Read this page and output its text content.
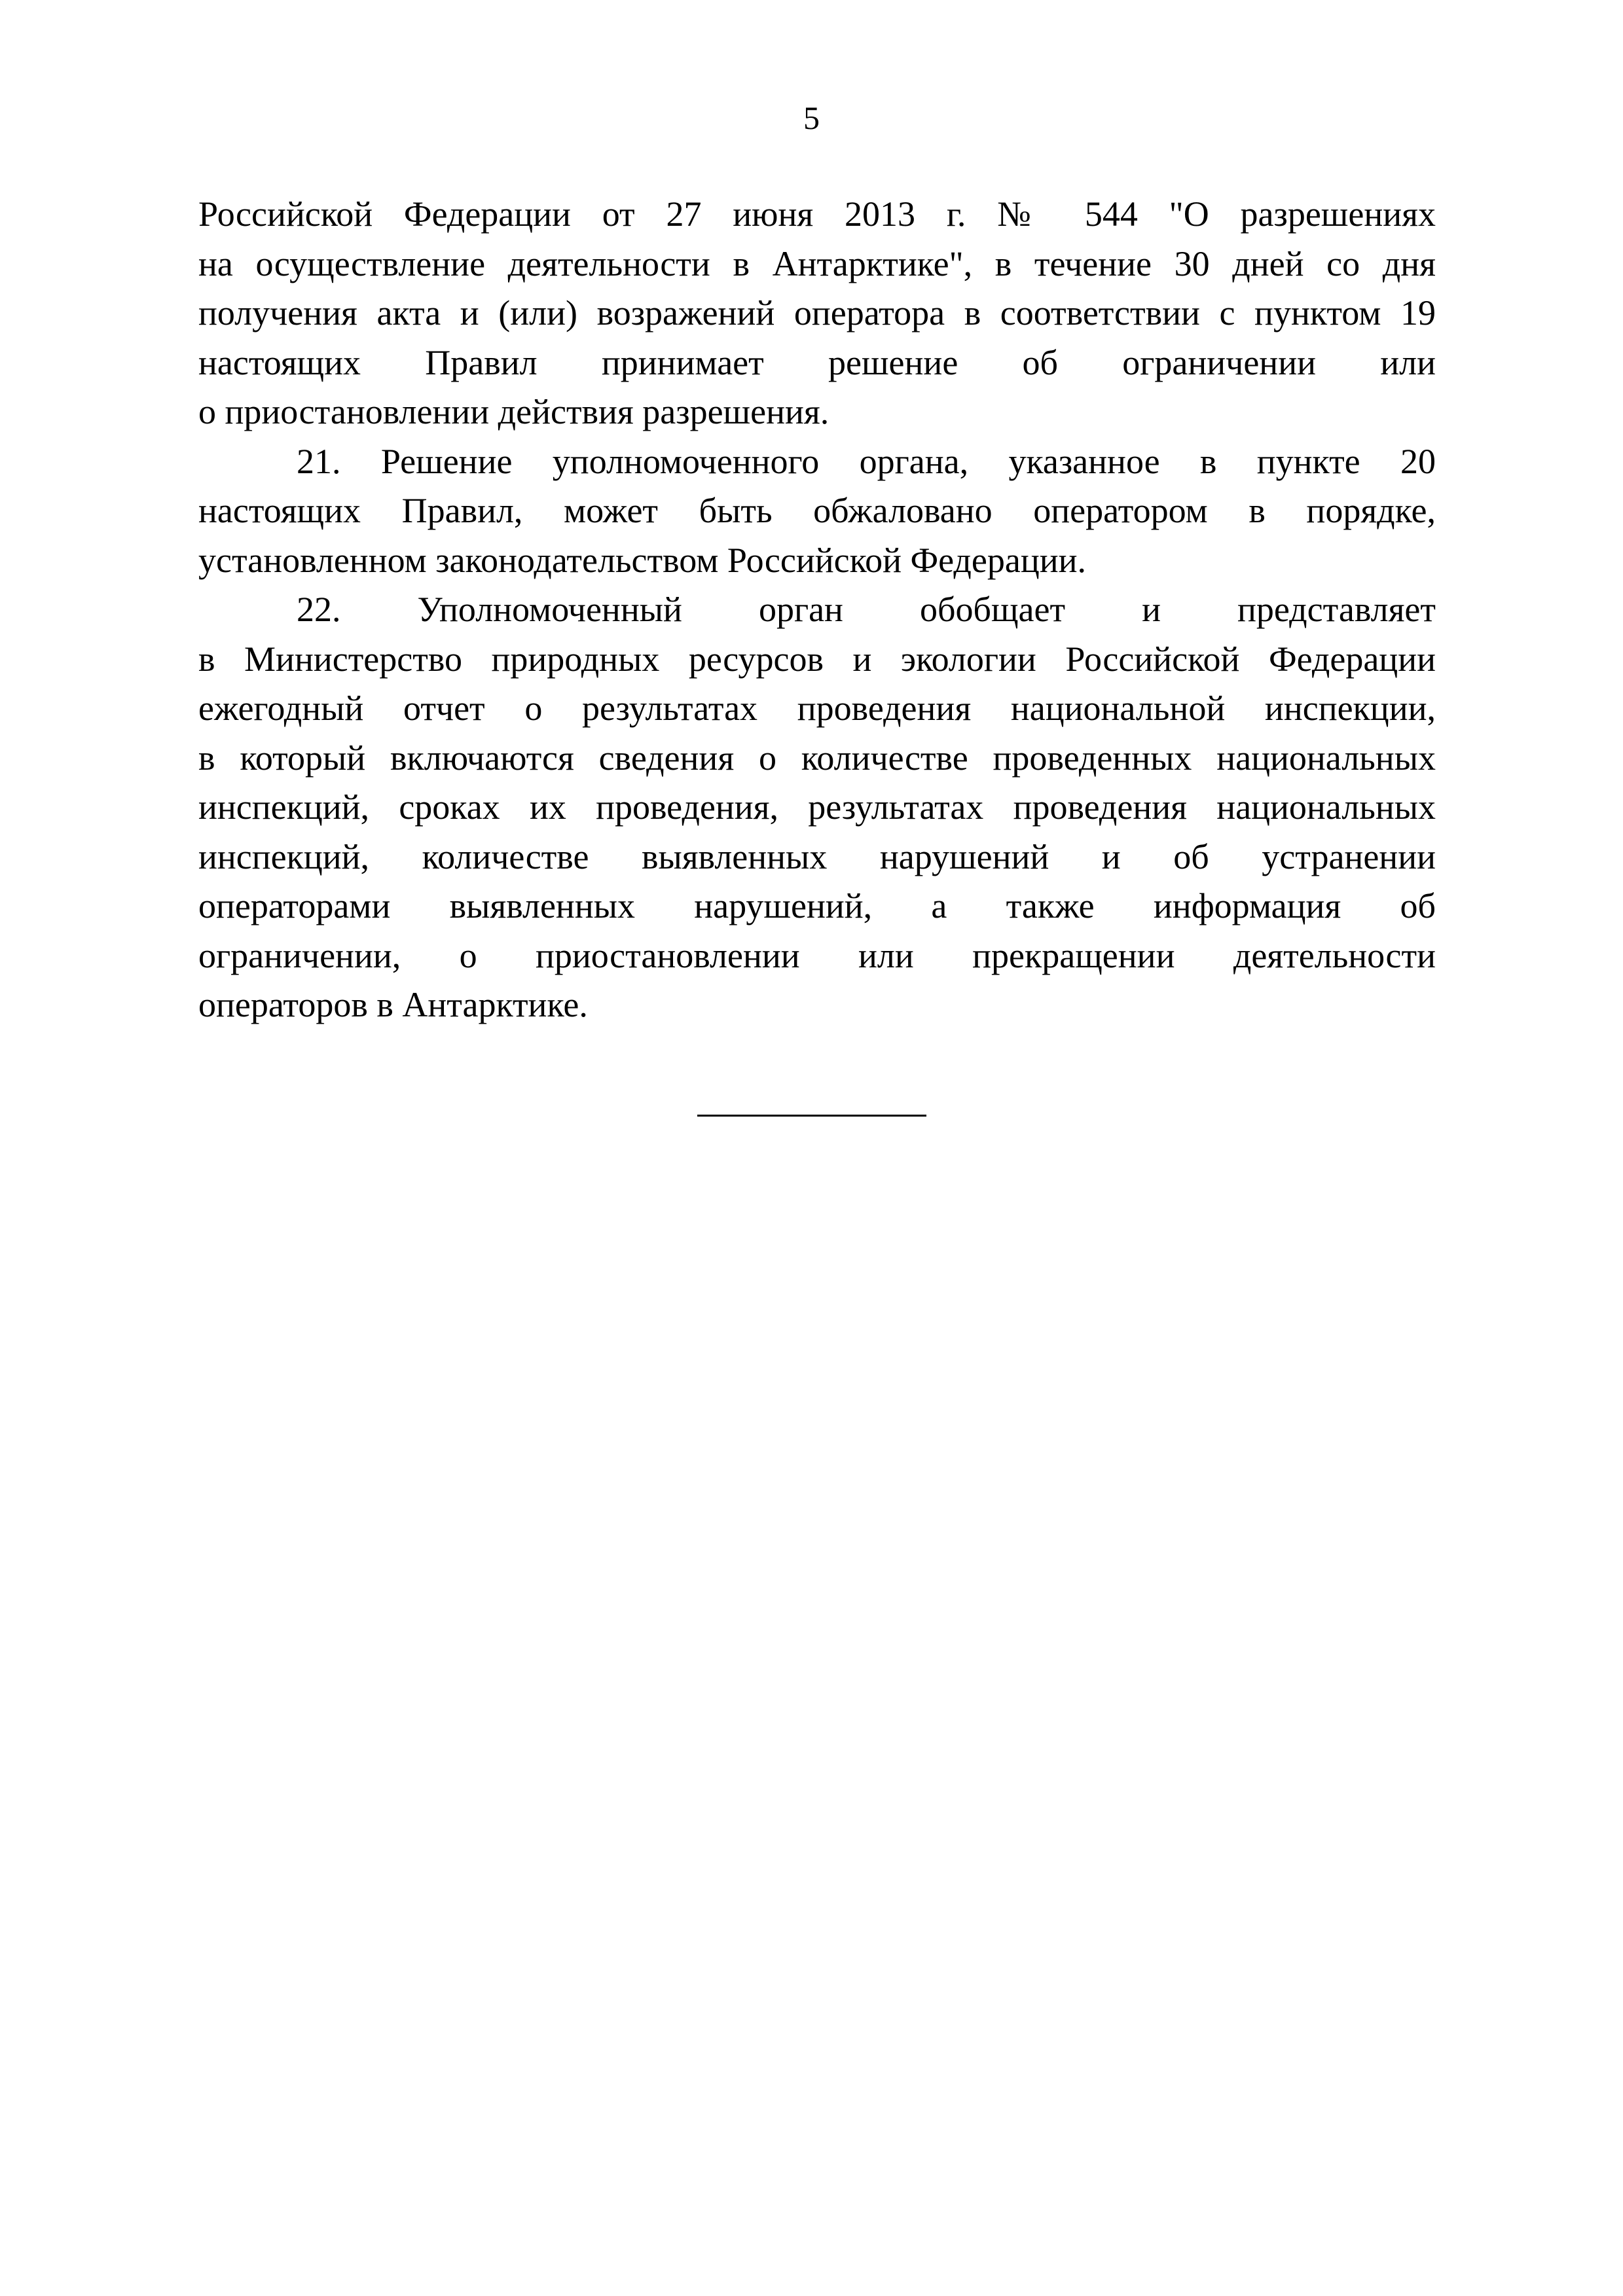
5

Российской Федерации от 27 июня 2013 г. № 544 "О разрешениях
на осуществление деятельности в Антарктике", в течение 30 дней со дня
получения акта и (или) возражений оператора в соответствии с пунктом 19
настоящих Правил принимает решение об ограничении или
о приостановлении действия разрешения.

21. Решение уполномоченного органа, указанное в пункте 20
настоящих Правил, может быть обжаловано оператором в порядке,
установленном законодательством Российской Федерации.

22. Уполномоченный орган обобщает и представляет
в Министерство природных ресурсов и экологии Российской Федерации
ежегодный отчет о результатах проведения национальной инспекции,
в который включаются сведения о количестве проведенных национальных
инспекций, сроках их проведения, результатах проведения национальных
инспекций, количестве выявленных нарушений и об устранении
операторами выявленных нарушений, а также информация об
ограничении, о приостановлении или прекращении деятельности
операторов в Антарктике.
